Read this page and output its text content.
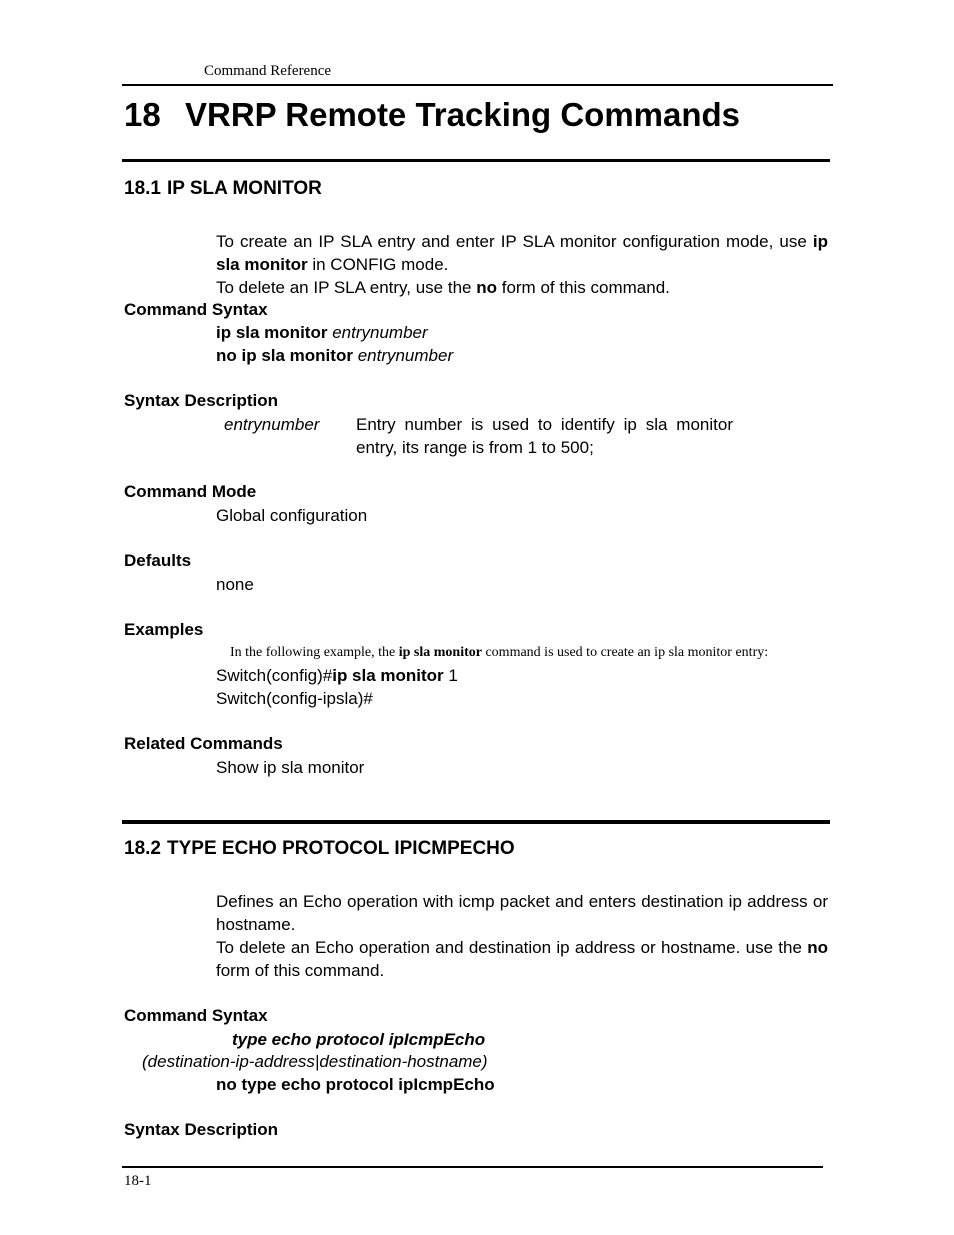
Command Reference
18 VRRP Remote Tracking Commands
18.1 IP SLA MONITOR
To create an IP SLA entry and enter IP SLA monitor configuration mode, use ip sla monitor in CONFIG mode.
To delete an IP SLA entry, use the no form of this command.
Command Syntax
ip sla monitor entrynumber
no ip sla monitor entrynumber
Syntax Description
entrynumber Entry number is used to identify ip sla monitor
entry, its range is from 1 to 500;
Command Mode
Global configuration
Defaults
none
Examples
In the following example, the ip sla monitor command is used to create an ip sla monitor entry:
Switch(config)#ip sla monitor 1
Switch(config-ipsla)#
Related Commands
Show ip sla monitor
18.2 TYPE ECHO PROTOCOL IPICMPECHO
Defines an Echo operation with icmp packet and enters destination ip address or hostname.
To delete an Echo operation and destination ip address or hostname. use the no form of this command.
Command Syntax
type echo protocol ipIcmpEcho
(destination-ip-address|destination-hostname)
no type echo protocol ipIcmpEcho
Syntax Description
18-1
